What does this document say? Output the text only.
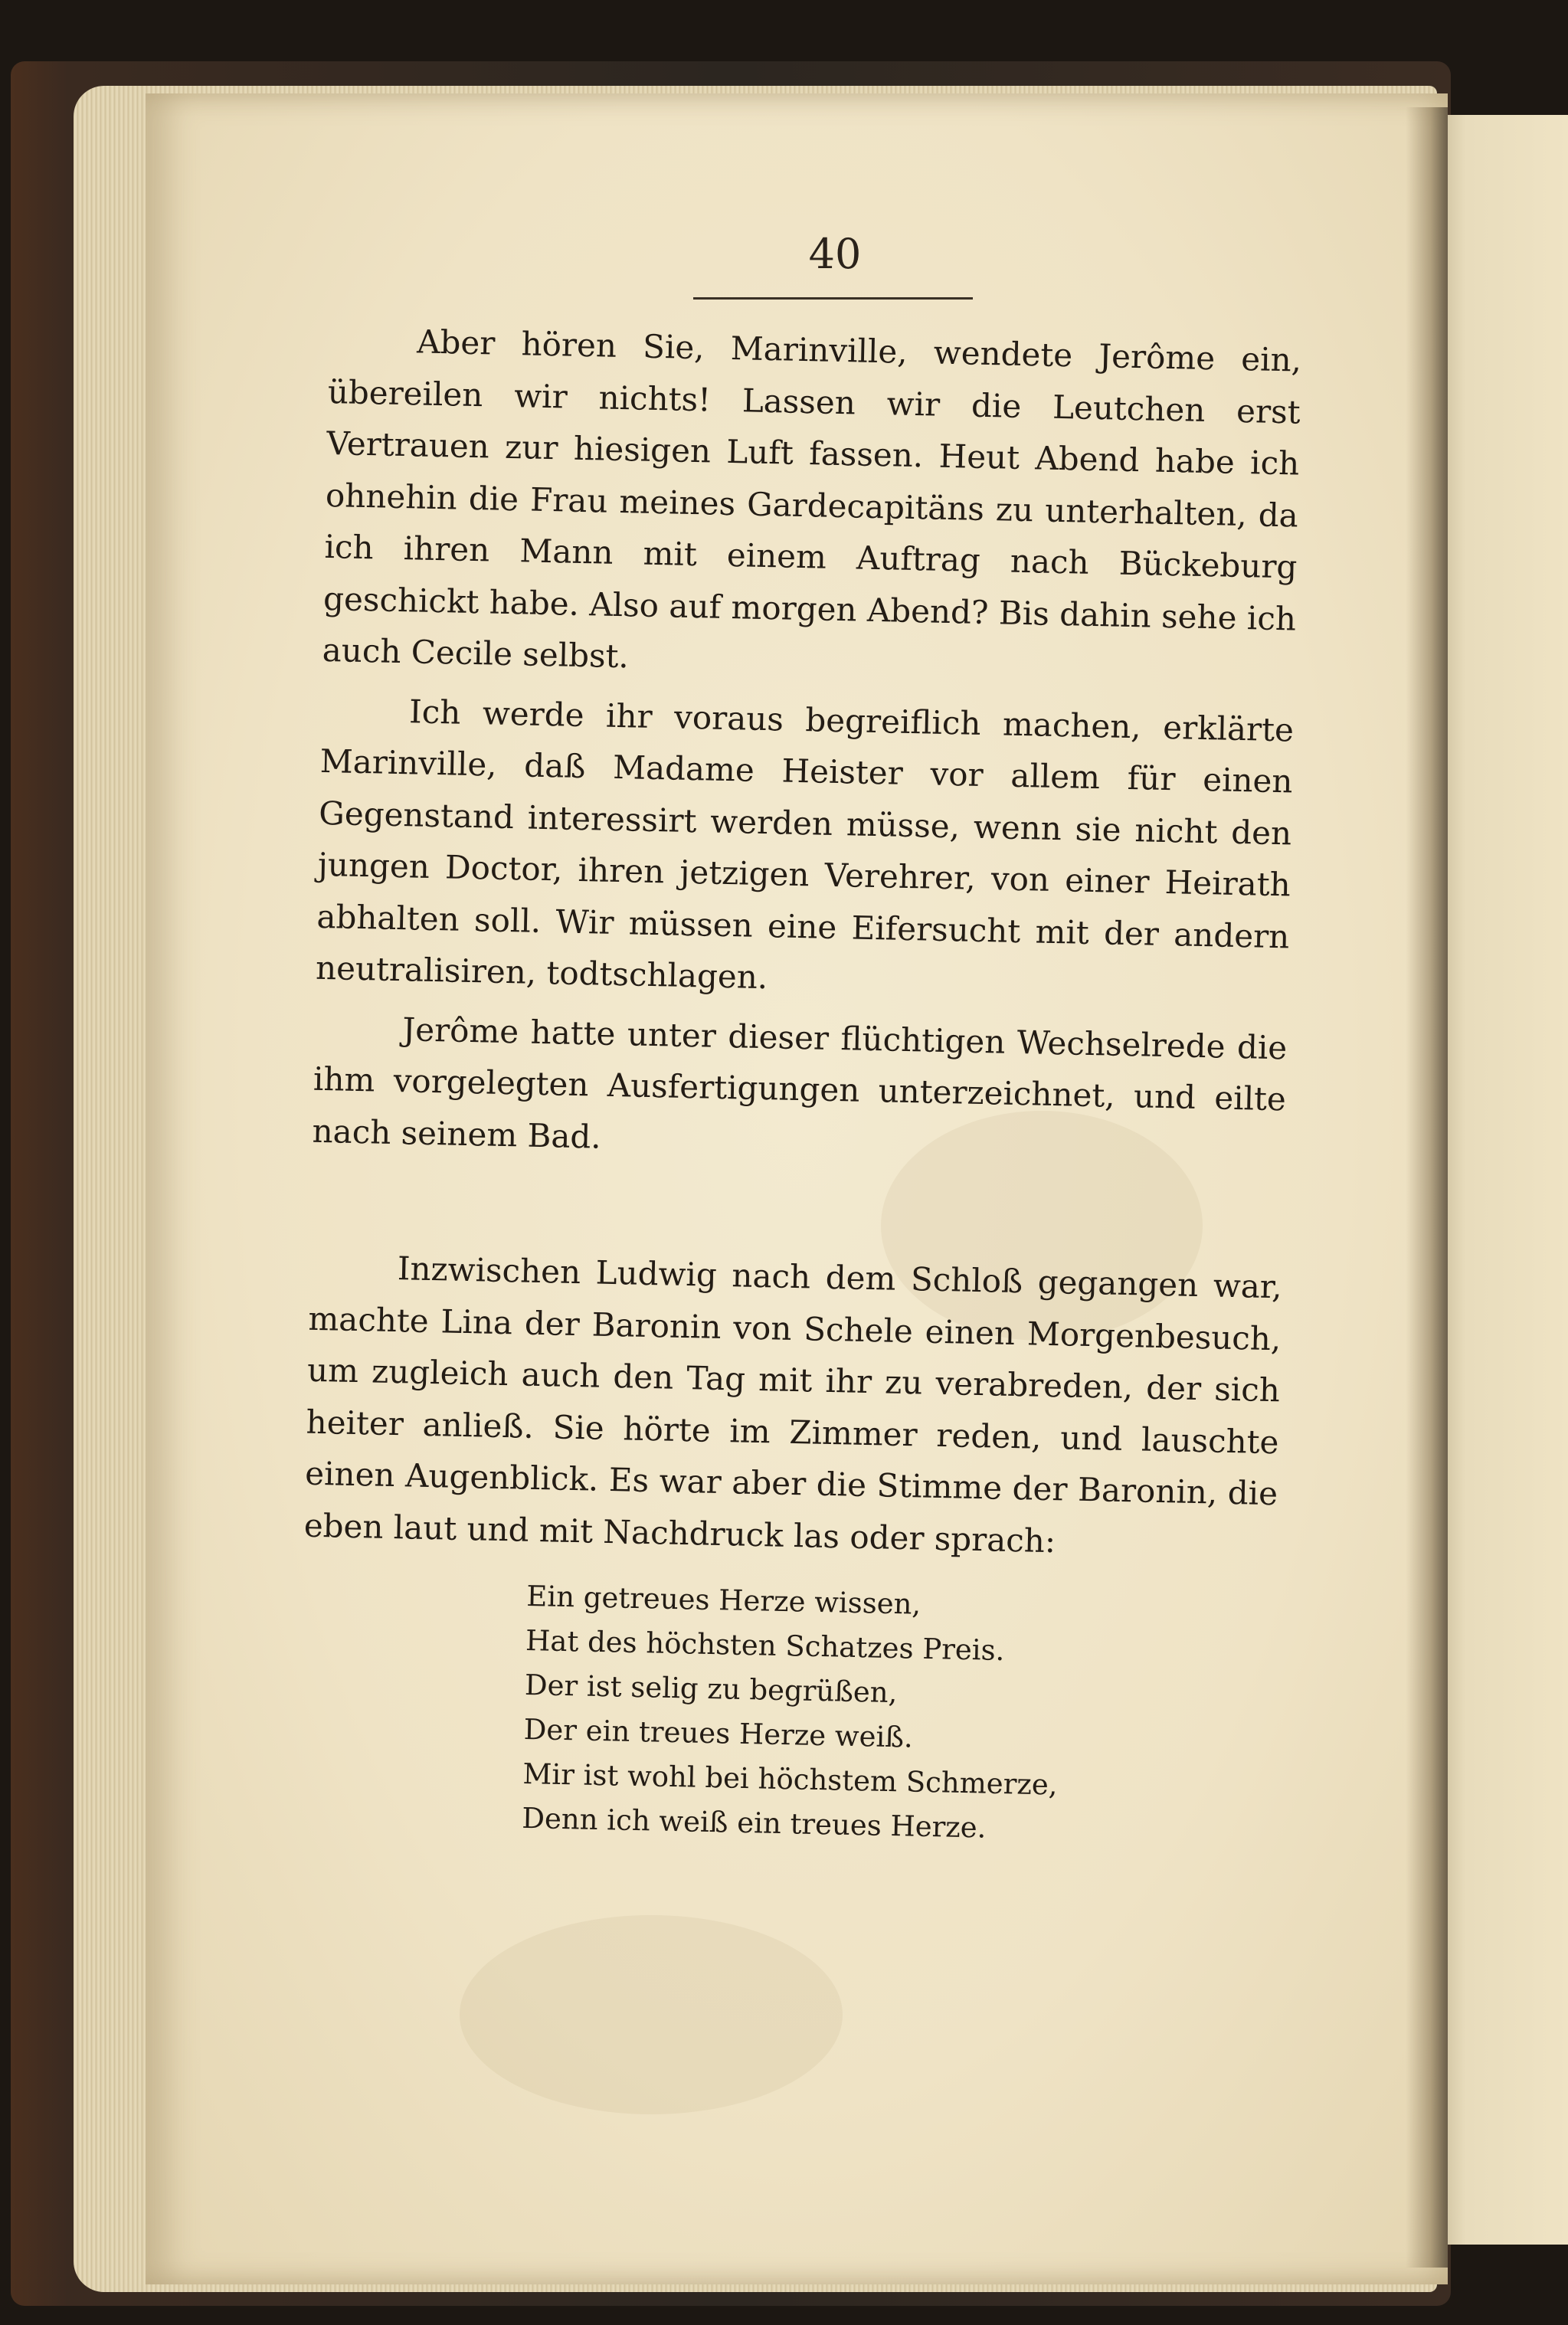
40

Aber hören Sie, Marinville, wendete Jerôme ein, übereilen wir nichts! Lassen wir die Leutchen erst Vertrauen zur hiesigen Luft fassen. Heut Abend habe ich ohnehin die Frau meines Gardecapitäns zu unterhalten, da ich ihren Mann mit einem Auftrag nach Bückeburg geschickt habe. Also auf morgen Abend? Bis dahin sehe ich auch Cecile selbst.

Ich werde ihr voraus begreiflich machen, erklärte Marinville, daß Madame Heister vor allem für einen Gegenstand interessirt werden müsse, wenn sie nicht den jungen Doctor, ihren jetzigen Verehrer, von einer Heirath abhalten soll. Wir müssen eine Eifersucht mit der andern neutralisiren, todtschlagen.

Jerôme hatte unter dieser flüchtigen Wechselrede die ihm vorgelegten Ausfertigungen unterzeichnet, und eilte nach seinem Bad.

Inzwischen Ludwig nach dem Schloß gegangen war, machte Lina der Baronin von Schele einen Morgenbesuch, um zugleich auch den Tag mit ihr zu verabreden, der sich heiter anließ. Sie hörte im Zimmer reden, und lauschte einen Augenblick. Es war aber die Stimme der Baronin, die eben laut und mit Nachdruck las oder sprach:

Ein getreues Herze wissen,
Hat des höchsten Schatzes Preis.
Der ist selig zu begrüßen,
Der ein treues Herze weiß.
Mir ist wohl bei höchstem Schmerze,
Denn ich weiß ein treues Herze.
